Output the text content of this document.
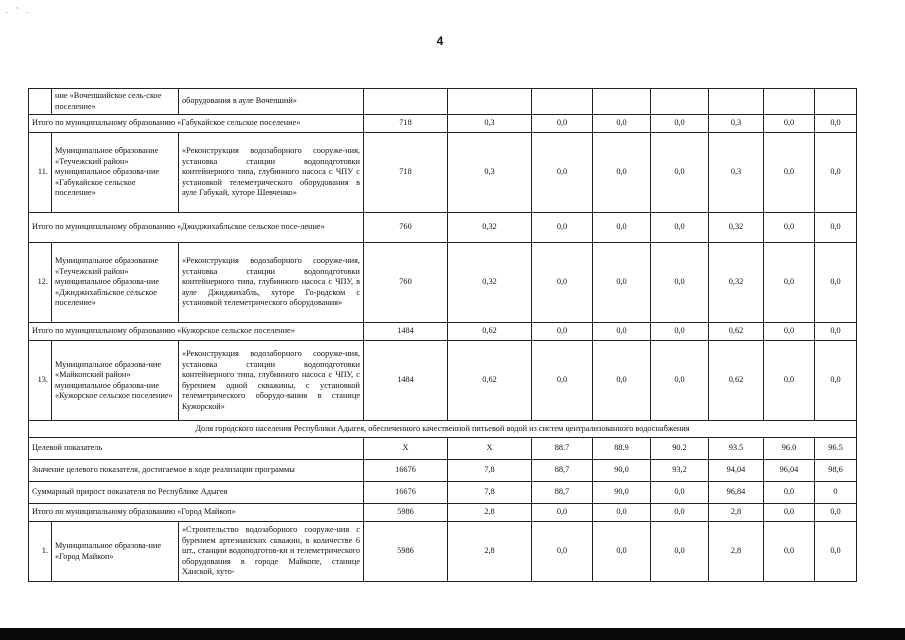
. ' .
4
	ние «Вочепшийское сель-ское поселение»	оборудования в ауле Вочепший»								
Итого по муниципальному образованию «Габукайское сельское поселение»			718	0,3	0,0	0,0	0,0	0,3	0,0	0,0
11.	Муниципальное образование «Теучежский район» муниципальное образова-ние «Габукайское сельское поселение»	«Реконструкция водозаборного сооруже-ния, установка станции водоподготовки контейнерного типа, глубинного насоса с ЧПУ с установкой телеметрического оборудования в ауле Габукай, хуторе Шевченко»	718	0,3	0,0	0,0	0,0	0,3	0,0	0,0
Итого по муниципальному образованию «Джиджихабльское сельское посе-ление»			760	0,32	0,0	0,0	0,0	0,32	0,0	0,0
12.	Муниципальное образование «Теучежский район» муниципальное образова-ние «Джиджихабльское сельское поселение»	«Реконструкция водозаборного сооруже-ния, установка станции водоподготовки контейнерного типа, глубинного насоса с ЧПУ, в ауле Джиджихабль, хуторе Го-родском с установкой телеметрического оборудования»	760	0,32	0,0	0,0	0,0	0,32	0,0	0,0
Итого по муниципальному образованию «Кужорское сельское поселение»			1484	0,62	0,0	0,0	0,0	0,62	0,0	0,0
13.	Муниципальное образова-ние «Майкопский район» муниципальное образова-ние «Кужорское сельское поселение»	«Реконструкция водозаборного сооруже-ния, установка станции водоподготовки контейнерного типа, глубинного насоса с ЧПУ, с бурением одной скважины, с установкой телеметрического оборудо-вания в станице Кужорской»	1484	0,62	0,0	0,0	0,0	0,62	0,0	0,0
Доля городского населения Республики Адыгея, обеспеченного качественной питьевой водой из систем централизованного водоснабжения										
Целевой показатель			X	X	88.7	88.9	90.2	93.5	96.0	96.5
Значение целевого показателя, достигаемое в ходе реализации программы			16676	7,8	88,7	90,0	93,2	94,04	96,04	98,6
Суммарный прирост показателя по Республике Адыгея			16676	7,8	88,7	90,0	0,0	96,84	0,0	0
Итого по муниципальному образованию «Город Майкоп»			5986	2,8	0,0	0,0	0,0	2,8	0,0	0,0
1.	Муниципальное образова-ние «Город Майкоп»	«Строительство водозаборного сооруже-ния с бурением артезианских скважин, в количестве 6 шт., станции водоподготов-ки и телеметрического оборудования в городе Майкопе, станице Ханской, хуто-	5986	2,8	0,0	0,0	0,0	2,8	0,0	0,0
